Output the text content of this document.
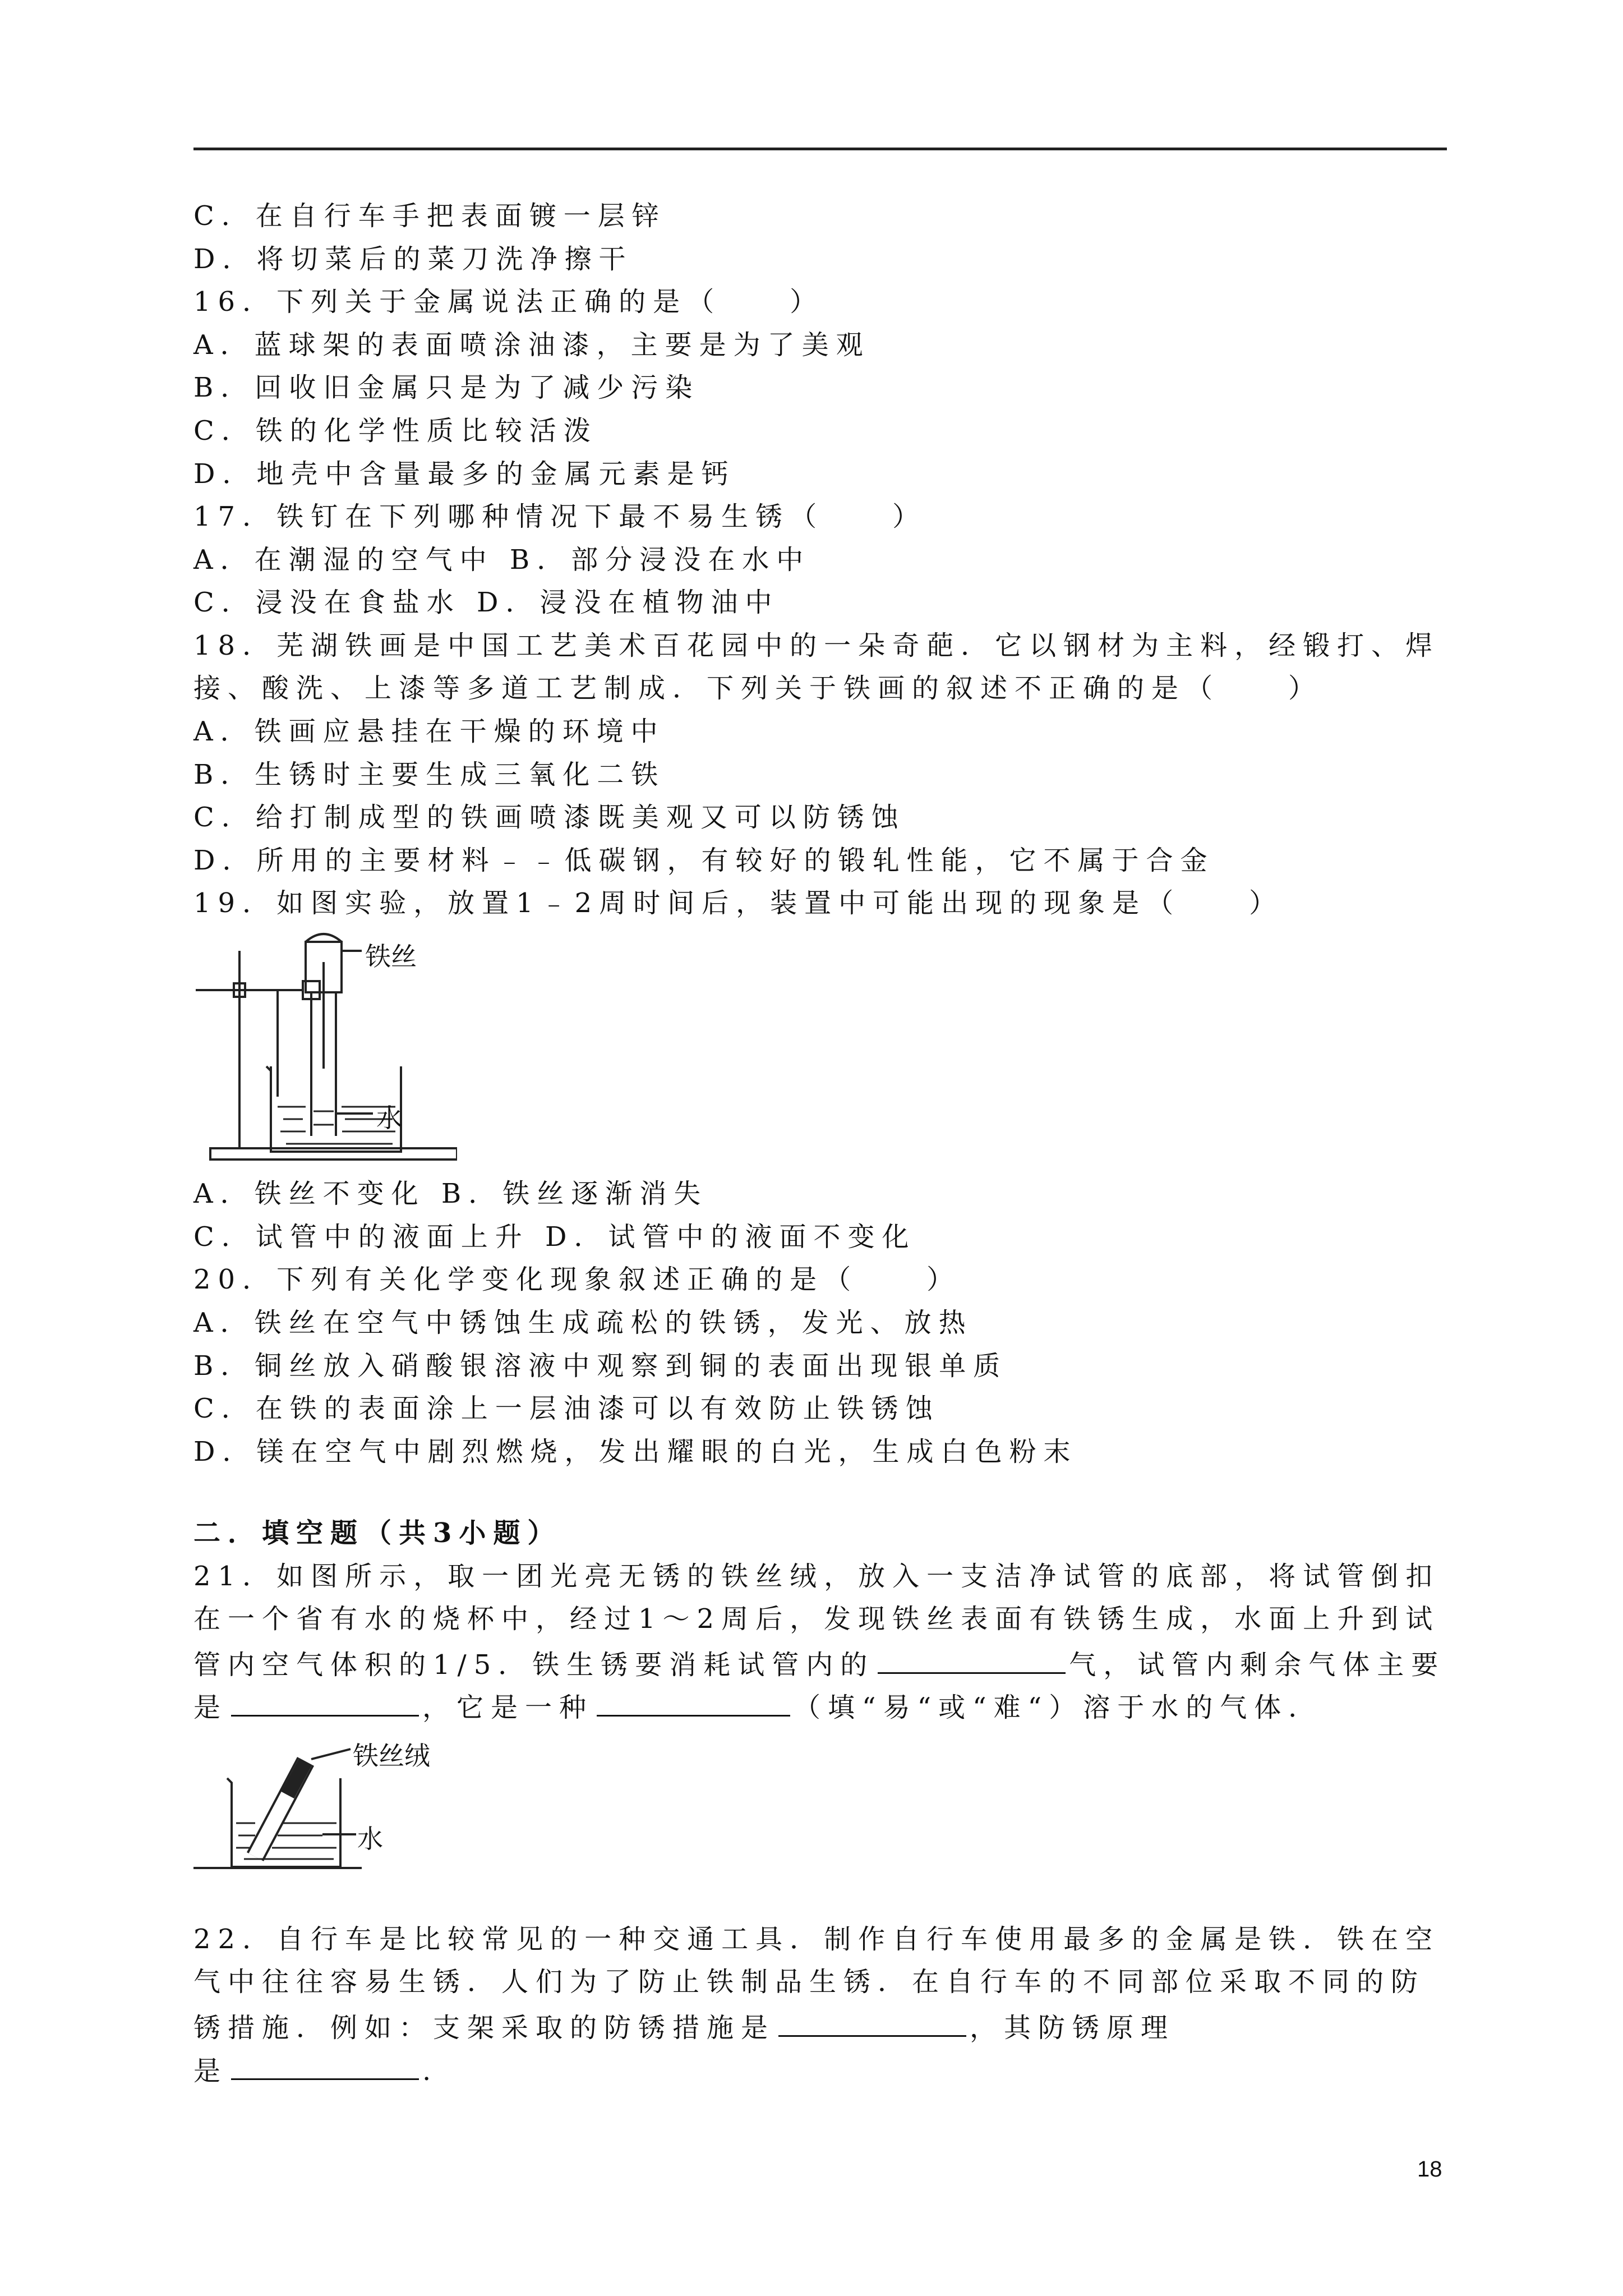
C．在自行车手把表面镀一层锌
D．将切菜后的菜刀洗净擦干
16．下列关于金属说法正确的是（　　）
A．蓝球架的表面喷涂油漆，主要是为了美观
B．回收旧金属只是为了减少污染
C．铁的化学性质比较活泼
D．地壳中含量最多的金属元素是钙
17．铁钉在下列哪种情况下最不易生锈（　　）
A．在潮湿的空气中 B．部分浸没在水中
C．浸没在食盐水 D．浸没在植物油中
18．芜湖铁画是中国工艺美术百花园中的一朵奇葩．它以钢材为主料，经锻打、焊
接、酸洗、上漆等多道工艺制成．下列关于铁画的叙述不正确的是（　　）
A．铁画应悬挂在干燥的环境中
B．生锈时主要生成三氧化二铁
C．给打制成型的铁画喷漆既美观又可以防锈蚀
D．所用的主要材料﹣﹣低碳钢，有较好的锻轧性能，它不属于合金
19．如图实验，放置1﹣2周时间后，装置中可能出现的现象是（　　）
铁丝
水
A．铁丝不变化 B．铁丝逐渐消失
C．试管中的液面上升 D．试管中的液面不变化
20．下列有关化学变化现象叙述正确的是（　　）
A．铁丝在空气中锈蚀生成疏松的铁锈，发光、放热
B．铜丝放入硝酸银溶液中观察到铜的表面出现银单质
C．在铁的表面涂上一层油漆可以有效防止铁锈蚀
D．镁在空气中剧烈燃烧，发出耀眼的白光，生成白色粉末
二．填空题（共3小题）
21．如图所示，取一团光亮无锈的铁丝绒，放入一支洁净试管的底部，将试管倒扣
在一个省有水的烧杯中，经过1～2周后，发现铁丝表面有铁锈生成，水面上升到试
管内空气体积的1/5．铁生锈要消耗试管内的	气，试管内剩余气体主要
是	，它是一种	（填“易“或“难“）溶于水的气体．
铁丝绒
水
22．自行车是比较常见的一种交通工具．制作自行车使用最多的金属是铁．铁在空
气中往往容易生锈．人们为了防止铁制品生锈．在自行车的不同部位采取不同的防
锈措施．例如：支架采取的防锈措施是	，其防锈原理
是	.
18
